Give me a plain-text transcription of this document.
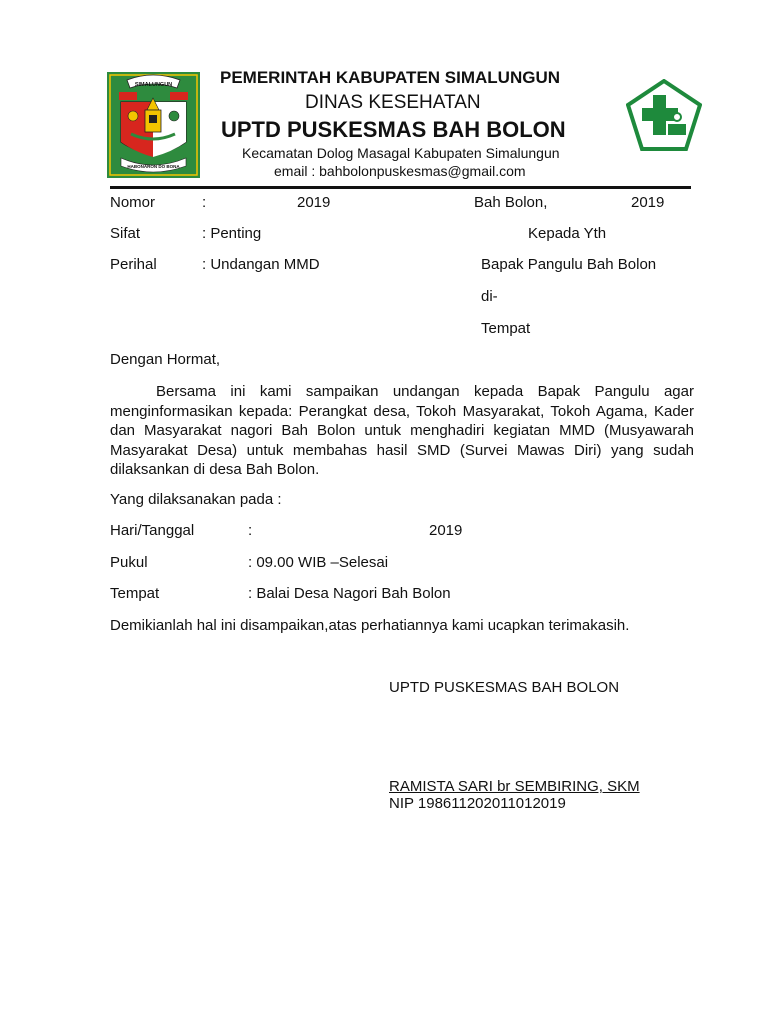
SIMALUNGUN
HABONARON DO BONA
PEMERINTAH KABUPATEN SIMALUNGUN
DINAS KESEHATAN
UPTD PUSKESMAS BAH BOLON
Kecamatan Dolog Masagal Kabupaten Simalungun
email : bahbolonpuskesmas@gmail.com
Nomor	:	2019	Bah Bolon,	2019
Sifat	: Penting	Kepada Yth
Perihal	: Undangan MMD	Bapak Pangulu Bah Bolon
di-
Tempat
Dengan Hormat,
Bersama ini kami sampaikan undangan kepada Bapak Pangulu agar menginformasikan kepada: Perangkat desa, Tokoh Masyarakat, Tokoh Agama, Kader dan Masyarakat nagori Bah Bolon untuk menghadiri kegiatan MMD (Musyawarah Masyarakat Desa) untuk membahas hasil SMD (Survei Mawas Diri) yang sudah dilaksankan di desa Bah Bolon.
Yang dilaksanakan pada :
Hari/Tanggal	:	2019
Pukul	: 09.00 WIB –Selesai
Tempat	: Balai Desa Nagori Bah Bolon
Demikianlah hal ini disampaikan,atas perhatiannya kami ucapkan terimakasih.
UPTD PUSKESMAS BAH BOLON
RAMISTA SARI br SEMBIRING, SKM
NIP 198611202011012019
